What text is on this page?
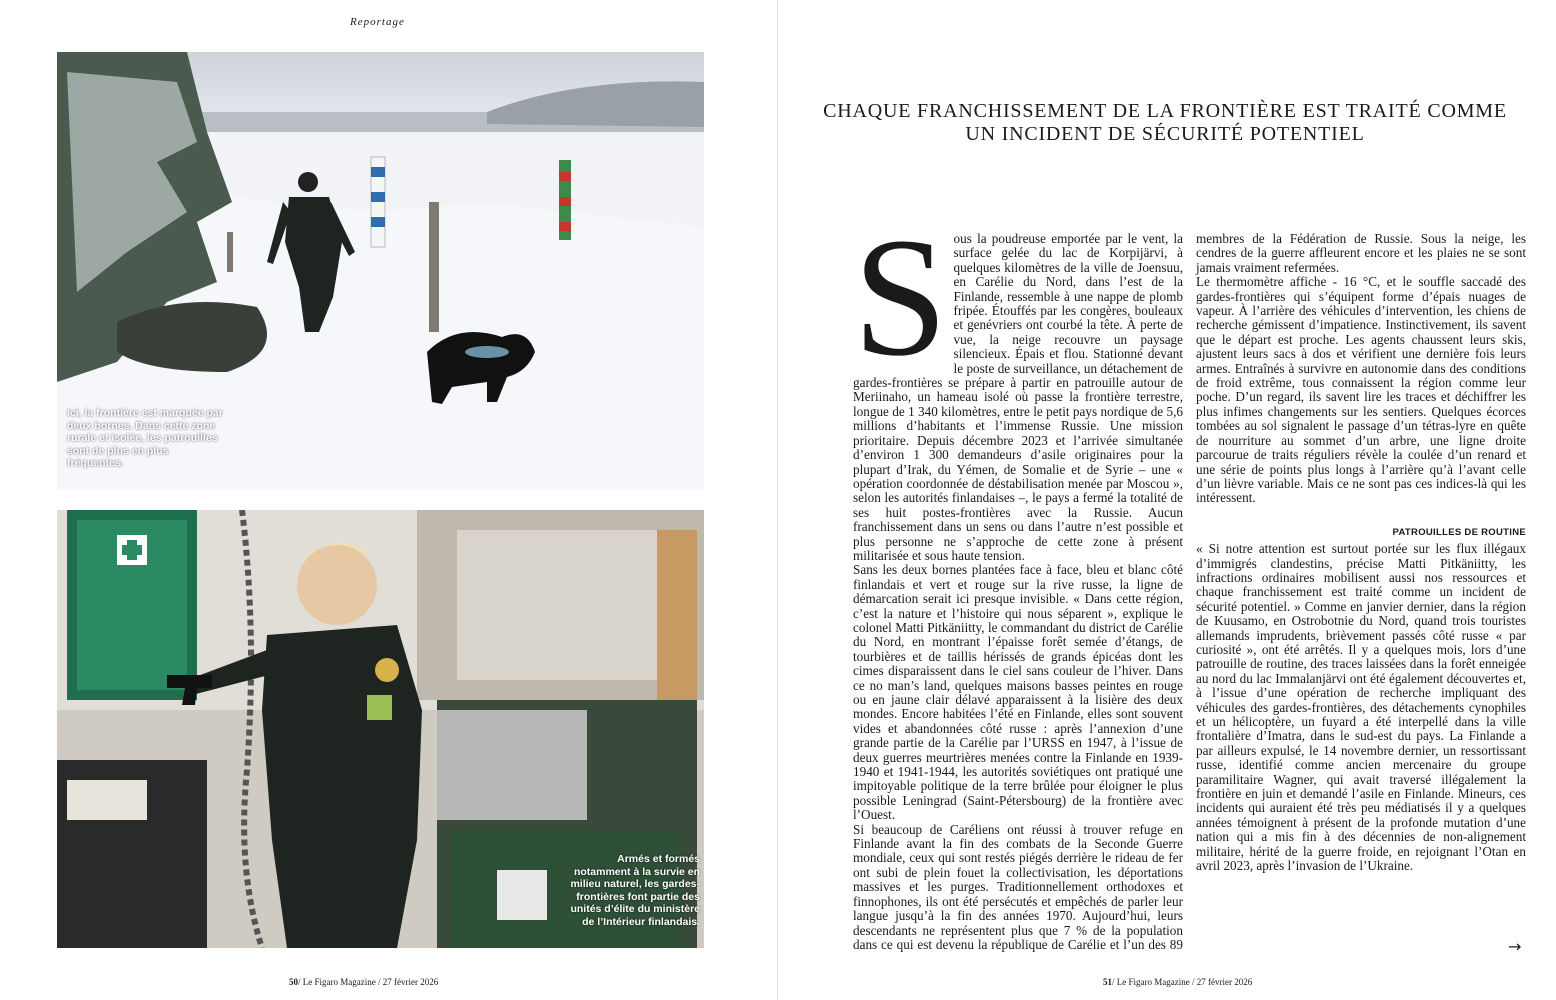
Reportage
Ici, la frontière est marquée par deux bornes. Dans cette zone rurale et isolée, les patrouilles sont de plus en plus fréquentes.
Armés et formés notamment à la survie en milieu naturel, les gardes-frontières font partie des unités d’élite du ministère de l’Intérieur finlandais.
50/ Le Figaro Magazine / 27 février 2026
CHAQUE FRANCHISSEMENT DE LA FRONTIÈRE EST TRAITÉ COMME UN INCIDENT DE SÉCURITÉ POTENTIEL
S ous la poudreuse emportée par le vent, la surface gelée du lac de Korpijärvi, à quelques kilomètres de la ville de Joensuu, en Carélie du Nord, dans l’est de la Finlande, ressemble à une nappe de plomb fripée. Étouffés par les congères, bouleaux et genévriers ont courbé la tête. À perte de vue, la neige recouvre un paysage silencieux. Épais et flou. Stationné devant le poste de surveillance, un détachement de gardes-frontières se prépare à partir en patrouille autour de Meriinaho, un hameau isolé où passe la frontière terrestre, longue de 1 340 kilomètres, entre le petit pays nordique de 5,6 millions d’habitants et l’immense Russie. Une mission prioritaire. Depuis décembre 2023 et l’arrivée simultanée d’environ 1 300 demandeurs d’asile originaires pour la plupart d’Irak, du Yémen, de Somalie et de Syrie – une « opération coordonnée de déstabilisation menée par Moscou », selon les autorités finlandaises –, le pays a fermé la totalité de ses huit postes-frontières avec la Russie. Aucun franchissement dans un sens ou dans l’autre n’est possible et plus personne ne s’approche de cette zone à présent militarisée et sous haute tension.

Sans les deux bornes plantées face à face, bleu et blanc côté finlandais et vert et rouge sur la rive russe, la ligne de démarcation serait ici presque invisible. « Dans cette région, c’est la nature et l’histoire qui nous séparent », explique le colonel Matti Pitkäniitty, le commandant du district de Carélie du Nord, en montrant l’épaisse forêt semée d’étangs, de tourbières et de taillis hérissés de grands épicéas dont les cimes disparaissent dans le ciel sans couleur de l’hiver. Dans ce no man’s land, quelques maisons basses peintes en rouge ou en jaune clair délavé apparaissent à la lisière des deux mondes. Encore habitées l’été en Finlande, elles sont souvent vides et abandonnées côté russe : après l’annexion d’une grande partie de la Carélie par l’URSS en 1947, à l’issue de deux guerres meurtrières menées contre la Finlande en 1939-1940 et 1941-1944, les autorités soviétiques ont pratiqué une impitoyable politique de la terre brûlée pour éloigner le plus possible Leningrad (Saint-Pétersbourg) de la frontière avec l’Ouest.

Si beaucoup de Caréliens ont réussi à trouver refuge en Finlande avant la fin des combats de la Seconde Guerre mondiale, ceux qui sont restés piégés derrière le rideau de fer ont subi de plein fouet la collectivisation, les déportations massives et les purges. Traditionnellement orthodoxes et finnophones, ils ont été persécutés et empêchés de parler leur langue jusqu’à la fin des années 1970. Aujourd’hui, leurs descendants ne représentent plus que 7 % de la population dans ce qui est devenu la république de Carélie et l’un des 89 membres de la Fédération de Russie. Sous la neige, les cendres de la guerre affleurent encore et les plaies ne se sont jamais vraiment refermées.

Le thermomètre affiche - 16 °C, et le souffle saccadé des gardes-frontières qui s’équipent forme d’épais nuages de vapeur. À l’arrière des véhicules d’intervention, les chiens de recherche gémissent d’impatience. Instinctivement, ils savent que le départ est proche. Les agents chaussent leurs skis, ajustent leurs sacs à dos et vérifient une dernière fois leurs armes. Entraînés à survivre en autonomie dans des conditions de froid extrême, tous connaissent la région comme leur poche. D’un regard, ils savent lire les traces et déchiffrer les plus infimes changements sur les sentiers. Quelques écorces tombées au sol signalent le passage d’un tétras-lyre en quête de nourriture au sommet d’un arbre, une ligne droite parcourue de traits réguliers révèle la coulée d’un renard et une série de points plus longs à l’arrière qu’à l’avant celle d’un lièvre variable. Mais ce ne sont pas ces indices-là qui les intéressent.

PATROUILLES DE ROUTINE

« Si notre attention est surtout portée sur les flux illégaux d’immigrés clandestins, précise Matti Pitkäniitty, les infractions ordinaires mobilisent aussi nos ressources et chaque franchissement est traité comme un incident de sécurité potentiel. » Comme en janvier dernier, dans la région de Kuusamo, en Ostrobotnie du Nord, quand trois touristes allemands imprudents, brièvement passés côté russe « par curiosité », ont été arrêtés. Il y a quelques mois, lors d’une patrouille de routine, des traces laissées dans la forêt enneigée au nord du lac Immalanjärvi ont été également découvertes et, à l’issue d’une opération de recherche impliquant des véhicules des gardes-frontières, des détachements cynophiles et un hélicoptère, un fuyard a été interpellé dans la ville frontalière d’Imatra, dans le sud-est du pays. La Finlande a par ailleurs expulsé, le 14 novembre dernier, un ressortissant russe, identifié comme ancien mercenaire du groupe paramilitaire Wagner, qui avait traversé illégalement la frontière en juin et demandé l’asile en Finlande. Mineurs, ces incidents qui auraient été très peu médiatisés il y a quelques années témoignent à présent de la profonde mutation d’une nation qui a mis fin à des décennies de non-alignement militaire, hérité de la guerre froide, en rejoignant l’Otan en avril 2023, après l’invasion de l’Ukraine.

→
51/ Le Figaro Magazine / 27 février 2026
